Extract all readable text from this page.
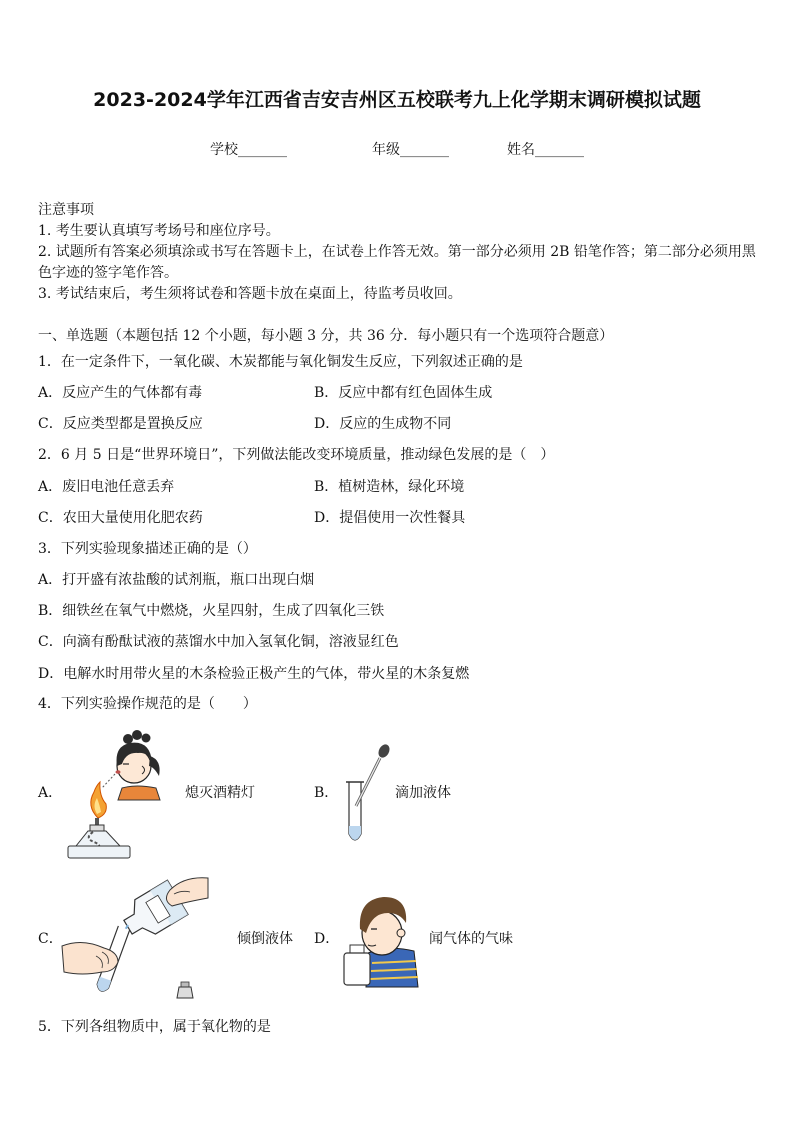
2023-2024学年江西省吉安吉州区五校联考九上化学期末调研模拟试题
学校_______	年级_______	姓名_______
注意事项
1. 考生要认真填写考场号和座位序号。
2. 试题所有答案必须填涂或书写在答题卡上，在试卷上作答无效。第一部分必须用 2B 铅笔作答；第二部分必须用黑
色字迹的签字笔作答。
3. 考试结束后，考生须将试卷和答题卡放在桌面上，待监考员收回。
一、单选题（本题包括 12 个小题，每小题 3 分，共 36 分．每小题只有一个选项符合题意）
1．在一定条件下，一氧化碳、木炭都能与氧化铜发生反应，下列叙述正确的是
A．反应产生的气体都有毒	B．反应中都有红色固体生成
C．反应类型都是置换反应	D．反应的生成物不同
2．6 月 5 日是“世界环境日”，下列做法能改变环境质量，推动绿色发展的是（　）
A．废旧电池任意丢弃	B．植树造林，绿化环境
C．农田大量使用化肥农药	D．提倡使用一次性餐具
3．下列实验现象描述正确的是（）
A．打开盛有浓盐酸的试剂瓶，瓶口出现白烟
B．细铁丝在氧气中燃烧，火星四射，生成了四氧化三铁
C．向滴有酚酞试液的蒸馏水中加入氢氧化铜，溶液显红色
D．电解水时用带火星的木条检验正极产生的气体，带火星的木条复燃
4．下列实验操作规范的是（　　）
A．	熄灭酒精灯	B．	滴加液体
C．	倾倒液体 D．	闻气体的气味
5．下列各组物质中，属于氧化物的是
